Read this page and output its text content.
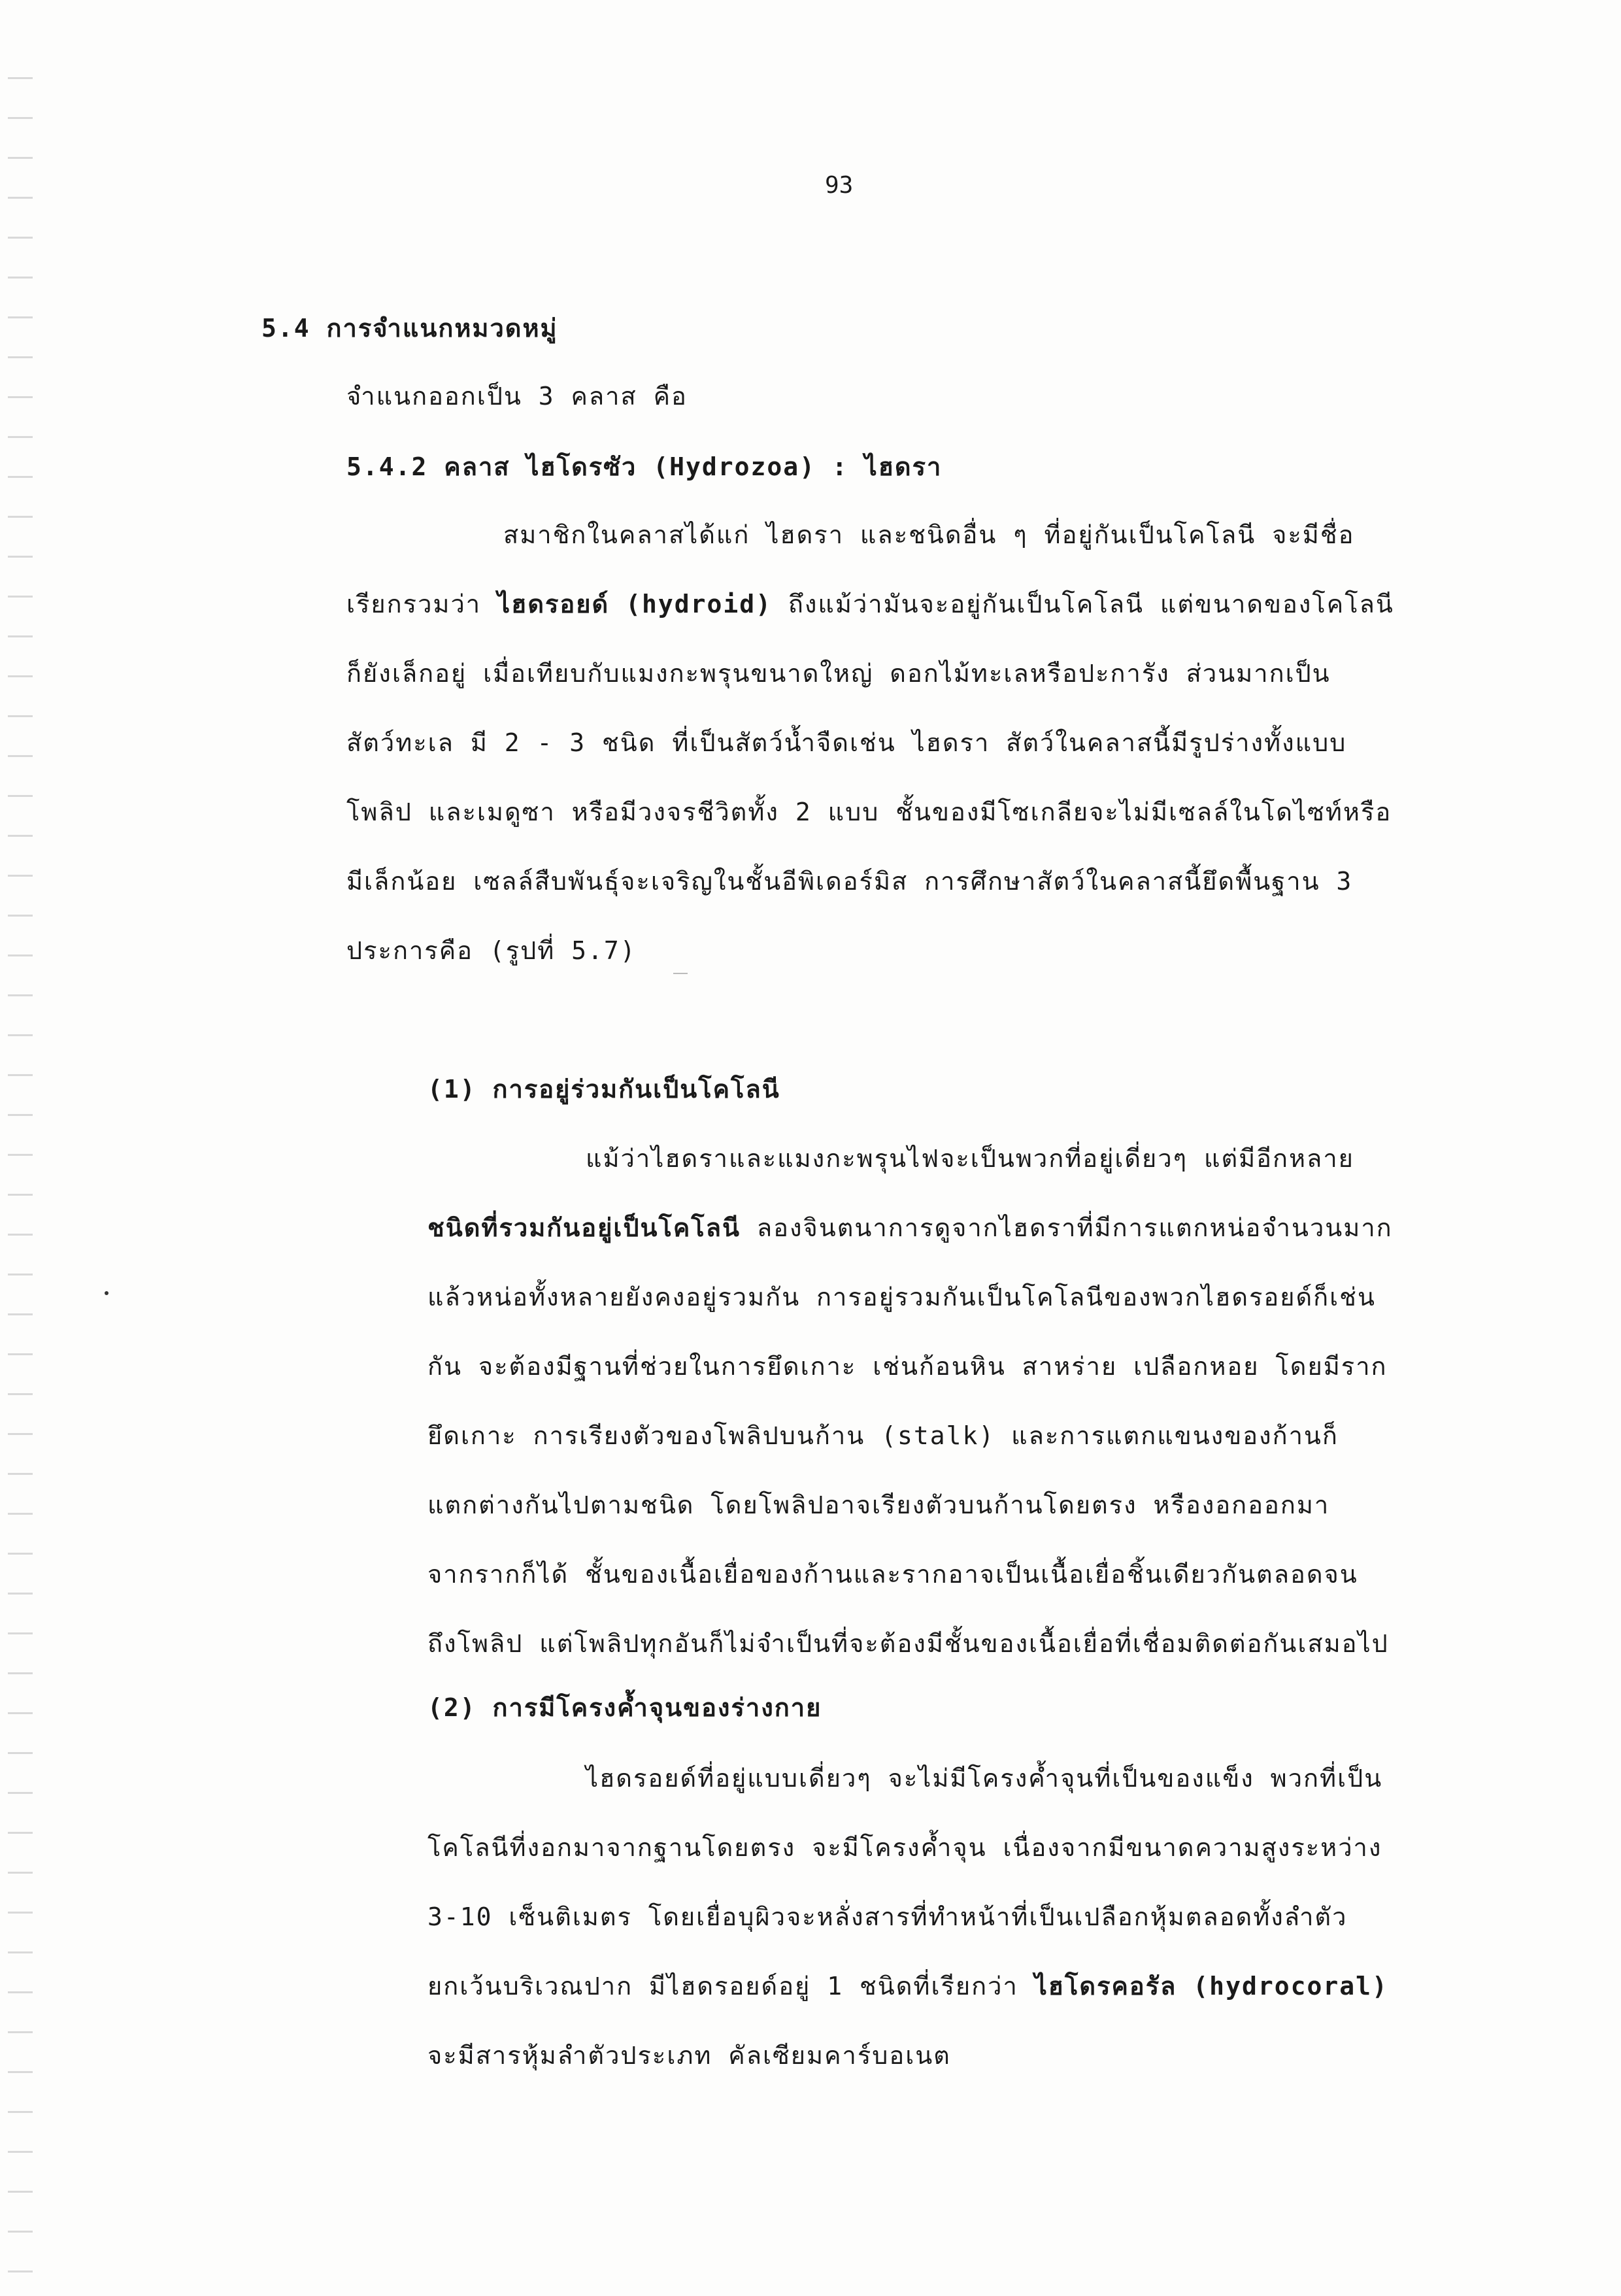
93
5.4 การจำแนกหมวดหมู่
จำแนกออกเป็น 3 คลาส คือ
5.4.2 คลาส ไฮโดรซัว (Hydrozoa) : ไฮดรา
สมาชิกในคลาสได้แก่ ไฮดรา และชนิดอื่น ๆ ที่อยู่กันเป็นโคโลนี จะมีชื่อ
เรียกรวมว่า ไฮดรอยด์ (hydroid) ถึงแม้ว่ามันจะอยู่กันเป็นโคโลนี แต่ขนาดของโคโลนี
ก็ยังเล็กอยู่ เมื่อเทียบกับแมงกะพรุนขนาดใหญ่ ดอกไม้ทะเลหรือปะการัง ส่วนมากเป็น
สัตว์ทะเล มี 2 - 3 ชนิด ที่เป็นสัตว์น้ำจืดเช่น ไฮดรา สัตว์ในคลาสนี้มีรูปร่างทั้งแบบ
โพลิป และเมดูซา หรือมีวงจรชีวิตทั้ง 2 แบบ ชั้นของมีโซเกลียจะไม่มีเซลล์ในโดไซท์หรือ
มีเล็กน้อย เซลล์สืบพันธุ์จะเจริญในชั้นอีพิเดอร์มิส การศึกษาสัตว์ในคลาสนี้ยึดพื้นฐาน 3
ประการคือ (รูปที่ 5.7)
(1) การอยู่ร่วมกันเป็นโคโลนี
แม้ว่าไฮดราและแมงกะพรุนไฟจะเป็นพวกที่อยู่เดี่ยวๆ แต่มีอีกหลาย
ชนิดที่รวมกันอยู่เป็นโคโลนี ลองจินตนาการดูจากไฮดราที่มีการแตกหน่อจำนวนมาก
แล้วหน่อทั้งหลายยังคงอยู่รวมกัน การอยู่รวมกันเป็นโคโลนีของพวกไฮดรอยด์ก็เช่น
กัน จะต้องมีฐานที่ช่วยในการยึดเกาะ เช่นก้อนหิน สาหร่าย เปลือกหอย โดยมีราก
ยึดเกาะ การเรียงตัวของโพลิปบนก้าน (stalk) และการแตกแขนงของก้านก็
แตกต่างกันไปตามชนิด โดยโพลิปอาจเรียงตัวบนก้านโดยตรง หรืองอกออกมา
จากรากก็ได้ ชั้นของเนื้อเยื่อของก้านและรากอาจเป็นเนื้อเยื่อชิ้นเดียวกันตลอดจน
ถึงโพลิป แต่โพลิปทุกอันก็ไม่จำเป็นที่จะต้องมีชั้นของเนื้อเยื่อที่เชื่อมติดต่อกันเสมอไป
(2) การมีโครงค้ำจุนของร่างกาย
ไฮดรอยด์ที่อยู่แบบเดี่ยวๆ จะไม่มีโครงค้ำจุนที่เป็นของแข็ง พวกที่เป็น
โคโลนีที่งอกมาจากฐานโดยตรง จะมีโครงค้ำจุน เนื่องจากมีขนาดความสูงระหว่าง
3-10 เซ็นติเมตร โดยเยื่อบุผิวจะหลั่งสารที่ทำหน้าที่เป็นเปลือกหุ้มตลอดทั้งลำตัว
ยกเว้นบริเวณปาก มีไฮดรอยด์อยู่ 1 ชนิดที่เรียกว่า ไฮโดรคอรัล (hydrocoral)
จะมีสารหุ้มลำตัวประเภท คัลเซียมคาร์บอเนต
